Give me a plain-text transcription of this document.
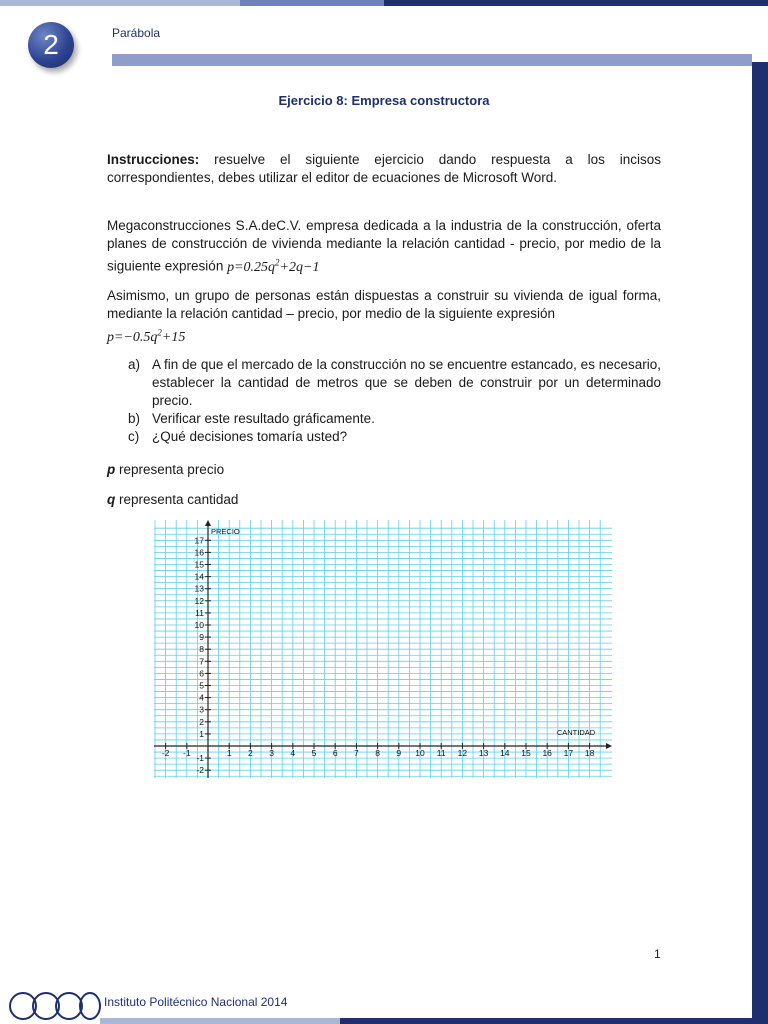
2	Parábola
Ejercicio 8: Empresa constructora
Instrucciones: resuelve el siguiente ejercicio dando respuesta a los incisos correspondientes, debes utilizar el editor de ecuaciones de Microsoft Word.
Megaconstrucciones S.A.deC.V. empresa dedicada a la industria de la construcción, oferta planes de construcción de vivienda mediante la relación cantidad - precio, por medio de la siguiente expresión $p=0.25q^2+2q-1$
Asimismo, un grupo de personas están dispuestas a construir su vivienda de igual forma, mediante la relación cantidad – precio, por medio de la siguiente expresión
$p=-0.5q^2+15$
a) A fin de que el mercado de la construcción no se encuentre estancado, es necesario, establecer la cantidad de metros que se deben de construir por un determinado precio.
b) Verificar este resultado gráficamente.
c) ¿Qué decisiones tomaría usted?
p representa precio
q representa cantidad
-2 -1	1 2 3 4 5 6 7 8 9 10 11 12 13 14 15 16 17 18
17
16
15
14
13
12
11
10
9
8
7
6
5
4
3
2
1
-1
-2
PRECIO
CANTIDAD
1
Instituto Politécnico Nacional 2014
